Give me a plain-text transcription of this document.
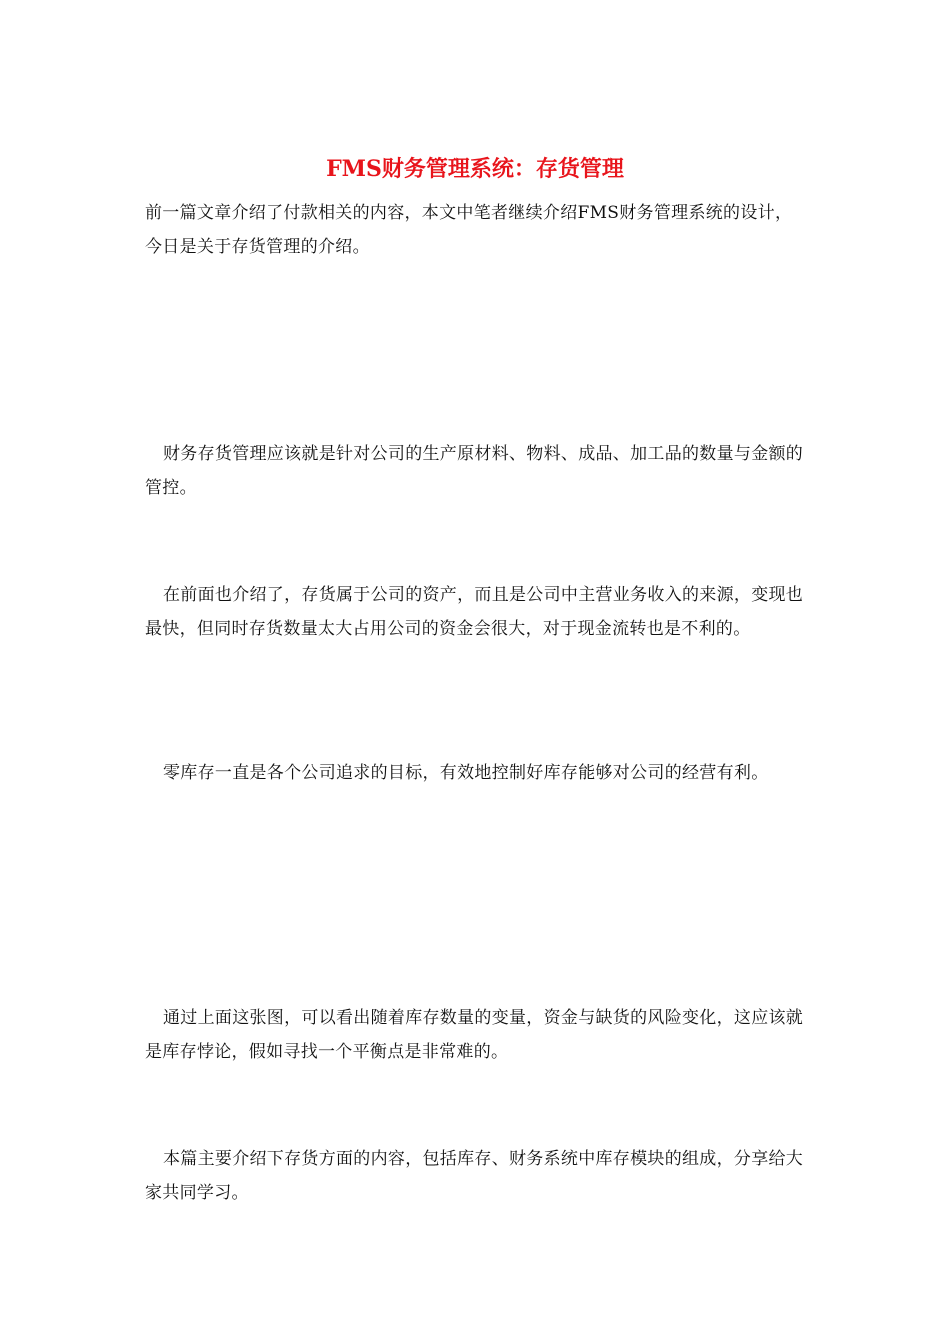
FMS财务管理系统：存货管理

前一篇文章介绍了付款相关的内容，本文中笔者继续介绍FMS财务管理系统的设计，今日是关于存货管理的介绍。

财务存货管理应该就是针对公司的生产原材料、物料、成品、加工品的数量与金额的管控。

在前面也介绍了，存货属于公司的资产，而且是公司中主营业务收入的来源，变现也最快，但同时存货数量太大占用公司的资金会很大，对于现金流转也是不利的。

零库存一直是各个公司追求的目标，有效地控制好库存能够对公司的经营有利。

通过上面这张图，可以看出随着库存数量的变量，资金与缺货的风险变化，这应该就是库存悖论，假如寻找一个平衡点是非常难的。

本篇主要介绍下存货方面的内容，包括库存、财务系统中库存模块的组成，分享给大家共同学习。
